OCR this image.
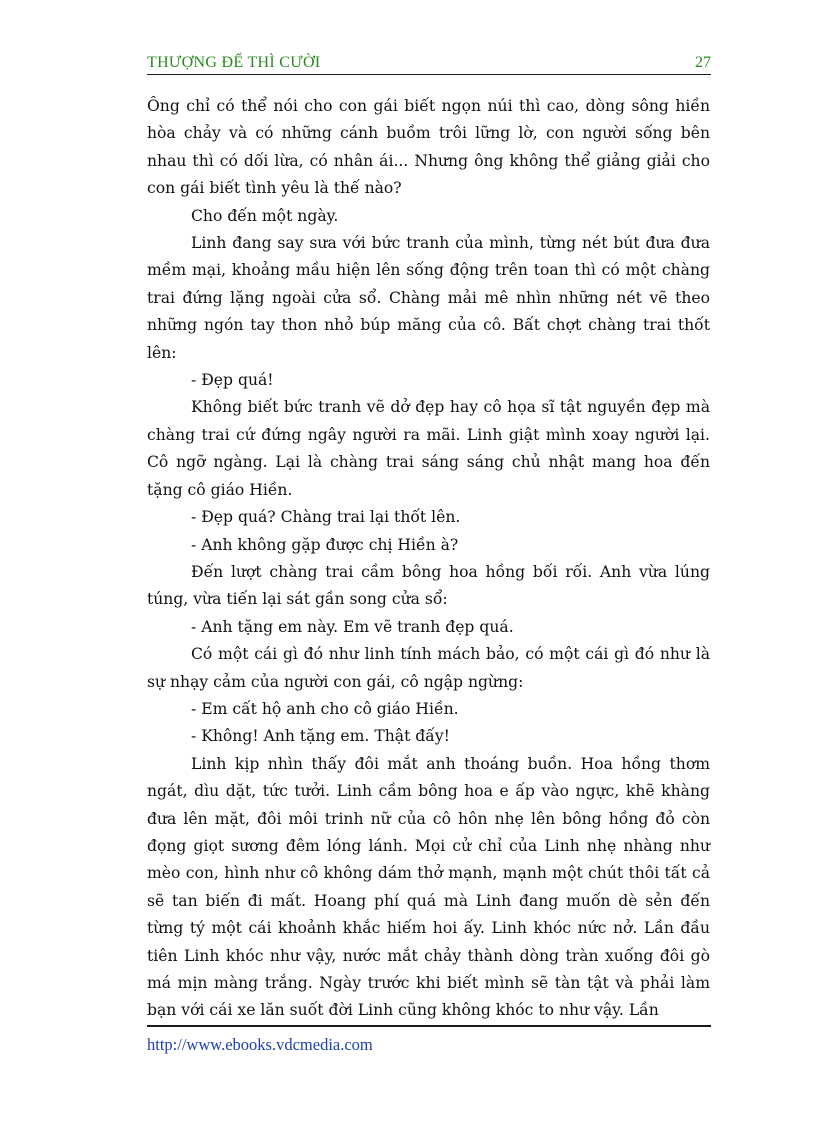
THƯỢNG ĐẾ THÌ CƯỜI	27

Ông chỉ có thể nói cho con gái biết ngọn núi thì cao, dòng sông hiền hòa chảy và có những cánh buồm trôi lững lờ, con người sống bên nhau thì có dối lừa, có nhân ái... Nhưng ông không thể giảng giải cho con gái biết tình yêu là thế nào?

Cho đến một ngày.

Linh đang say sưa với bức tranh của mình, từng nét bút đưa đưa mềm mại, khoảng mầu hiện lên sống động trên toan thì có một chàng trai đứng lặng ngoài cửa sổ. Chàng mải mê nhìn những nét vẽ theo những ngón tay thon nhỏ búp măng của cô. Bất chợt chàng trai thốt lên:

- Đẹp quá!

Không biết bức tranh vẽ dở đẹp hay cô họa sĩ tật nguyền đẹp mà chàng trai cứ đứng ngây người ra mãi. Linh giật mình xoay người lại. Cô ngỡ ngàng. Lại là chàng trai sáng sáng chủ nhật mang hoa đến tặng cô giáo Hiền.

- Đẹp quá? Chàng trai lại thốt lên.

- Anh không gặp được chị Hiền à?

Đến lượt chàng trai cầm bông hoa hồng bối rối. Anh vừa lúng túng, vừa tiến lại sát gần song cửa sổ:

- Anh tặng em này. Em vẽ tranh đẹp quá.

Có một cái gì đó như linh tính mách bảo, có một cái gì đó như là sự nhạy cảm của người con gái, cô ngập ngừng:

- Em cất hộ anh cho cô giáo Hiền.

- Không! Anh tặng em. Thật đấy!

Linh kịp nhìn thấy đôi mắt anh thoáng buồn. Hoa hồng thơm ngát, dìu dặt, tức tưởi. Linh cầm bông hoa e ấp vào ngực, khẽ khàng đưa lên mặt, đôi môi trinh nữ của cô hôn nhẹ lên bông hồng đỏ còn đọng giọt sương đêm lóng lánh. Mọi cử chỉ của Linh nhẹ nhàng như mèo con, hình như cô không dám thở mạnh, mạnh một chút thôi tất cả sẽ tan biến đi mất. Hoang phí quá mà Linh đang muốn dè sẻn đến từng tý một cái khoảnh khắc hiếm hoi ấy. Linh khóc nức nở. Lần đầu tiên Linh khóc như vậy, nước mắt chảy thành dòng tràn xuống đôi gò má mịn màng trắng. Ngày trước khi biết mình sẽ tàn tật và phải làm bạn với cái xe lăn suốt đời Linh cũng không khóc to như vậy. Lần

http://www.ebooks.vdcmedia.com
